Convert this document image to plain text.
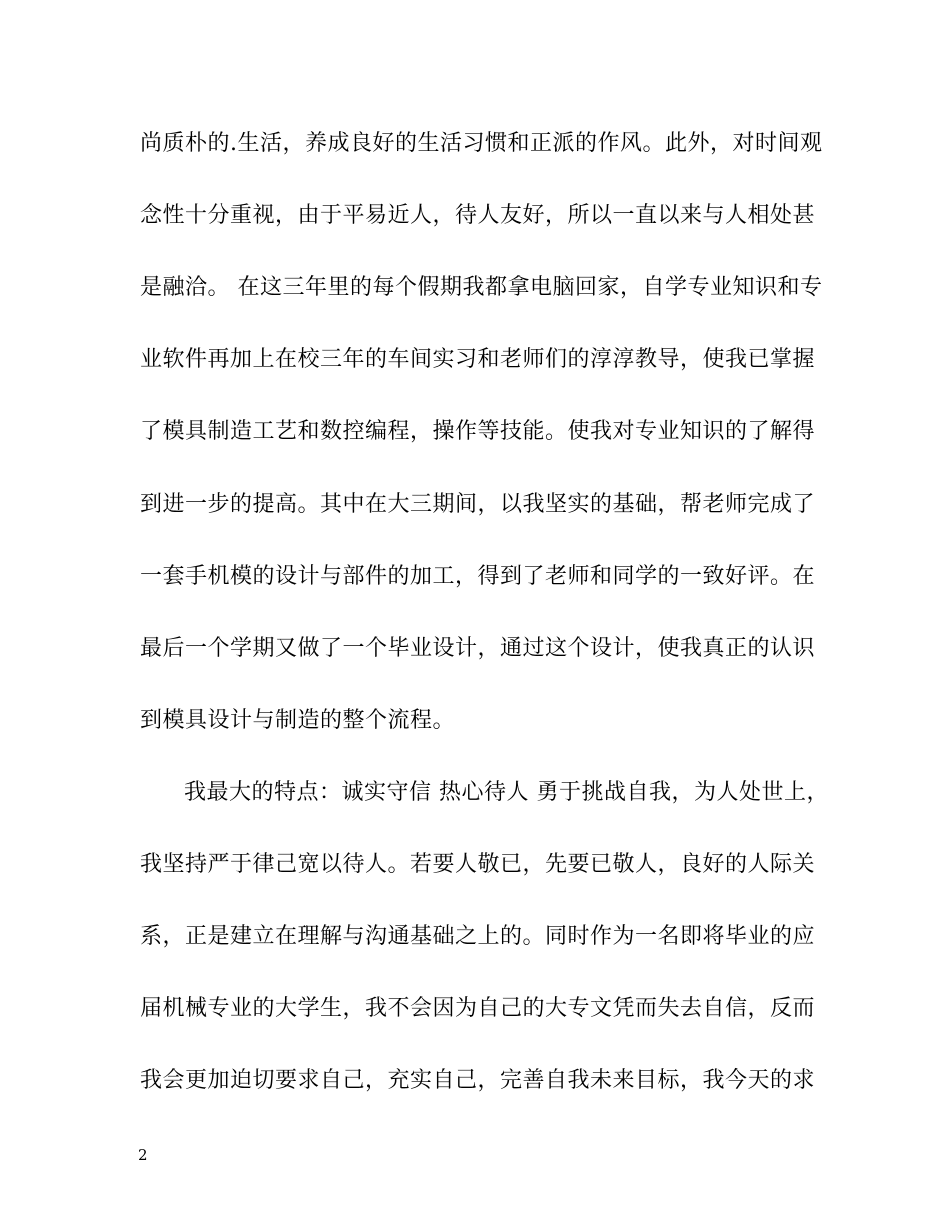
尚质朴的.生活，养成良好的生活习惯和正派的作风。此外，对时间观
念性十分重视，由于平易近人，待人友好，所以一直以来与人相处甚
是融洽。 在这三年里的每个假期我都拿电脑回家，自学专业知识和专
业软件再加上在校三年的车间实习和老师们的淳淳教导，使我已掌握
了模具制造工艺和数控编程，操作等技能。使我对专业知识的了解得
到进一步的提高。其中在大三期间，以我坚实的基础，帮老师完成了
一套手机模的设计与部件的加工，得到了老师和同学的一致好评。在
最后一个学期又做了一个毕业设计，通过这个设计，使我真正的认识
到模具设计与制造的整个流程。
我最大的特点：诚实守信 热心待人 勇于挑战自我，为人处世上，
我坚持严于律己宽以待人。若要人敬已，先要已敬人，良好的人际关
系，正是建立在理解与沟通基础之上的。同时作为一名即将毕业的应
届机械专业的大学生，我不会因为自己的大专文凭而失去自信，反而
我会更加迫切要求自己，充实自己，完善自我未来目标，我今天的求
2
